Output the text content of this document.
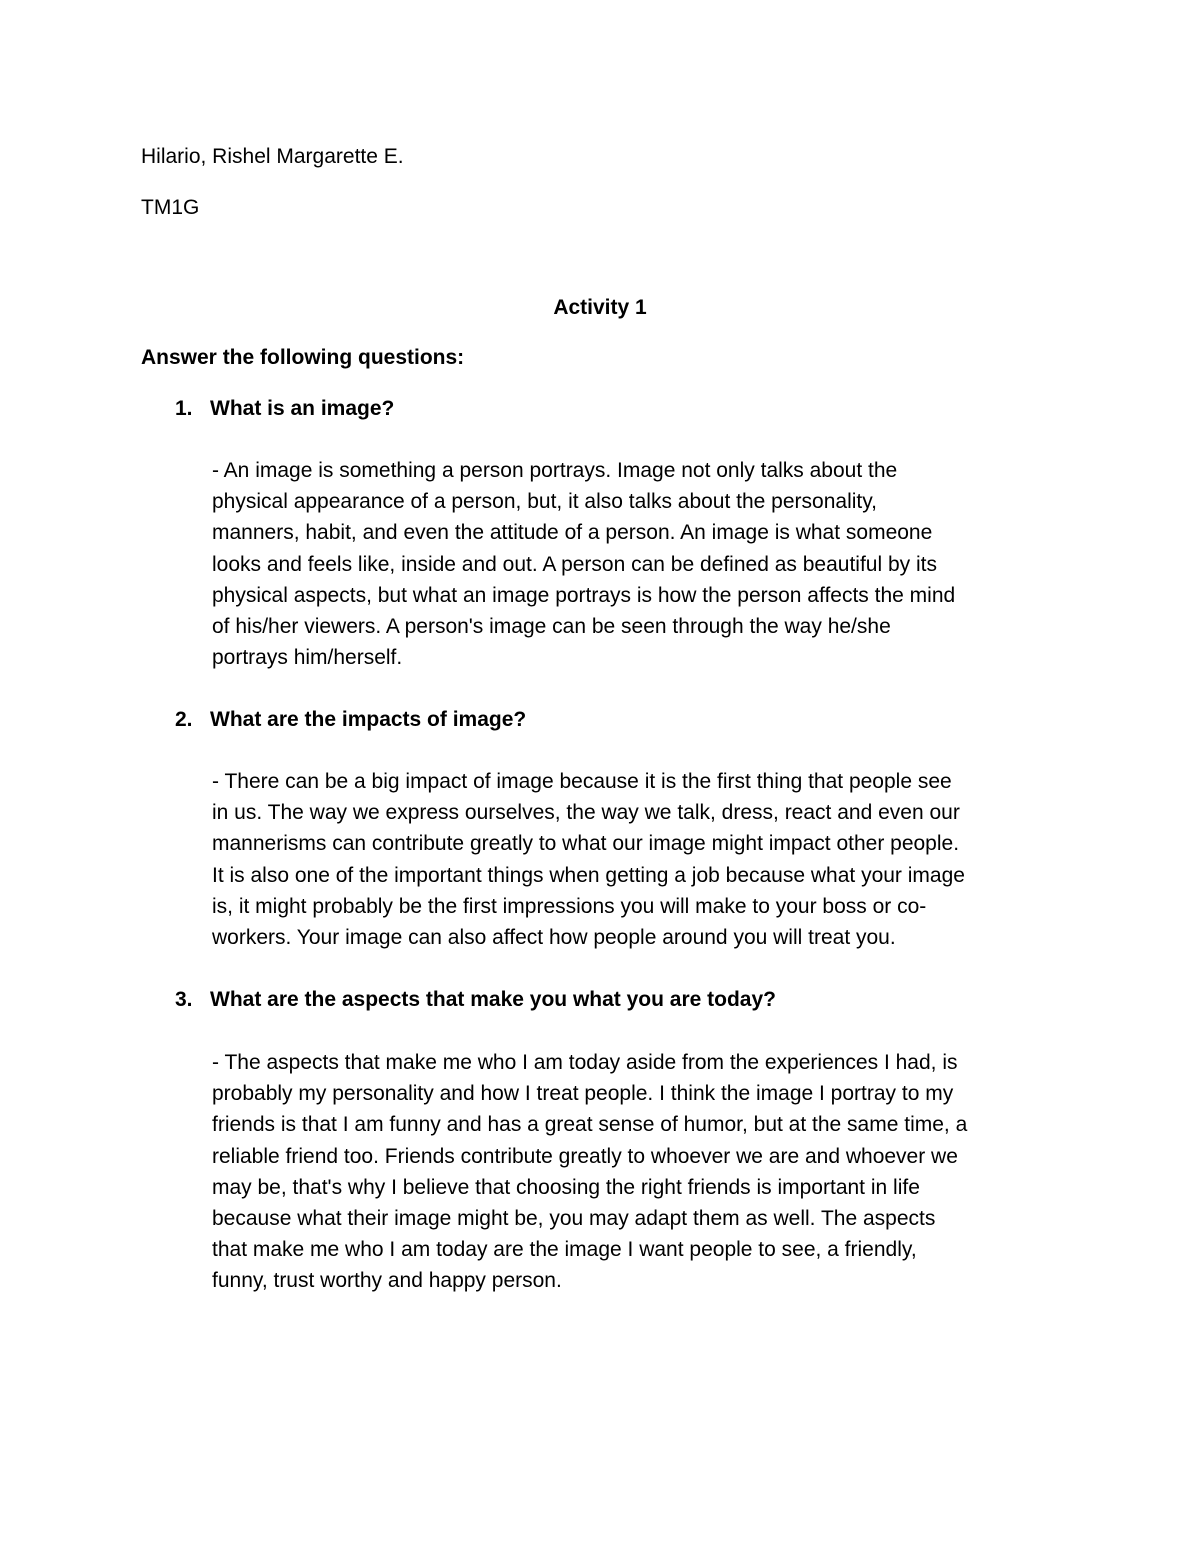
Hilario, Rishel Margarette E.
TM1G
Activity 1
Answer the following questions:
1. What is an image?
- An image is something a person portrays. Image not only talks about the
physical appearance of a person, but, it also talks about the personality,
manners, habit, and even the attitude of a person. An image is what someone
looks and feels like, inside and out. A person can be defined as beautiful by its
physical aspects, but what an image portrays is how the person affects the mind
of his/her viewers. A person's image can be seen through the way he/she
portrays him/herself.
2. What are the impacts of image?
- There can be a big impact of image because it is the first thing that people see
in us. The way we express ourselves, the way we talk, dress, react and even our
mannerisms can contribute greatly to what our image might impact other people.
It is also one of the important things when getting a job because what your image
is, it might probably be the first impressions you will make to your boss or co-
workers. Your image can also affect how people around you will treat you.
3. What are the aspects that make you what you are today?
- The aspects that make me who I am today aside from the experiences I had, is
probably my personality and how I treat people. I think the image I portray to my
friends is that I am funny and has a great sense of humor, but at the same time, a
reliable friend too. Friends contribute greatly to whoever we are and whoever we
may be, that's why I believe that choosing the right friends is important in life
because what their image might be, you may adapt them as well. The aspects
that make me who I am today are the image I want people to see, a friendly,
funny, trust worthy and happy person.
